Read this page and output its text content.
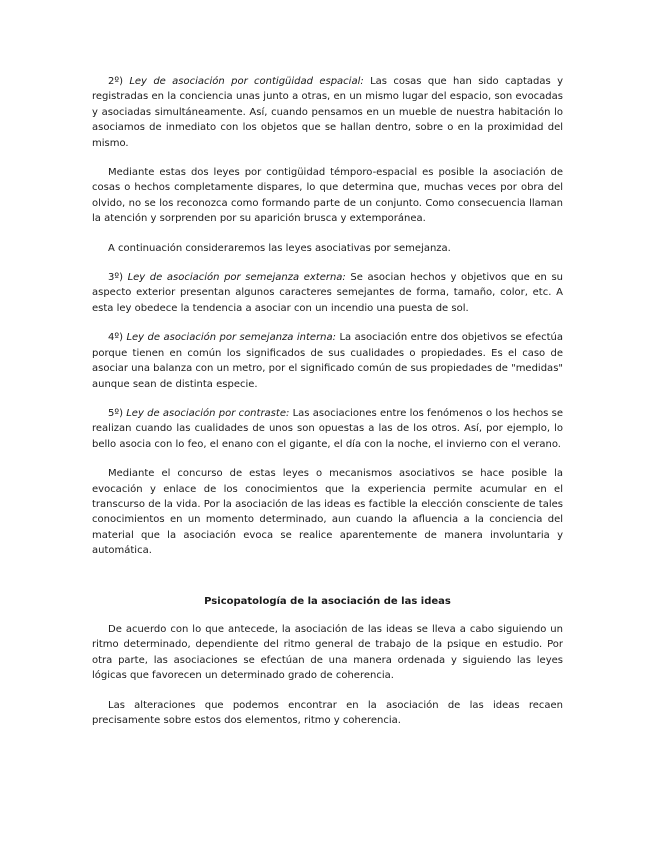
2º) Ley de asociación por contigüidad espacial: Las cosas que han sido captadas y registradas en la conciencia unas junto a otras, en un mismo lugar del espacio, son evocadas y asociadas simultáneamente. Así, cuando pensamos en un mueble de nuestra habitación lo asociamos de inmediato con los objetos que se hallan dentro, sobre o en la proximidad del mismo.

Mediante estas dos leyes por contigüidad témporo-espacial es posible la asociación de cosas o hechos completamente dispares, lo que determina que, muchas veces por obra del olvido, no se los reconozca como formando parte de un conjunto. Como consecuencia llaman la atención y sorprenden por su aparición brusca y extemporánea.

A continuación consideraremos las leyes asociativas por semejanza.

3º) Ley de asociación por semejanza externa: Se asocian hechos y objetivos que en su aspecto exterior presentan algunos caracteres semejantes de forma, tamaño, color, etc. A esta ley obedece la tendencia a asociar con un incendio una puesta de sol.

4º) Ley de asociación por semejanza interna: La asociación entre dos objetivos se efectúa porque tienen en común los significados de sus cualidades o propiedades. Es el caso de asociar una balanza con un metro, por el significado común de sus propiedades de "medidas" aunque sean de distinta especie.

5º) Ley de asociación por contraste: Las asociaciones entre los fenómenos o los hechos se realizan cuando las cualidades de unos son opuestas a las de los otros. Así, por ejemplo, lo bello asocia con lo feo, el enano con el gigante, el día con la noche, el invierno con el verano.

Mediante el concurso de estas leyes o mecanismos asociativos se hace posible la evocación y enlace de los conocimientos que la experiencia permite acumular en el transcurso de la vida. Por la asociación de las ideas es factible la elección consciente de tales conocimientos en un momento determinado, aun cuando la afluencia a la conciencia del material que la asociación evoca se realice aparentemente de manera involuntaria y automática.

Psicopatología de la asociación de las ideas

De acuerdo con lo que antecede, la asociación de las ideas se lleva a cabo siguiendo un ritmo determinado, dependiente del ritmo general de trabajo de la psique en estudio. Por otra parte, las asociaciones se efectúan de una manera ordenada y siguiendo las leyes lógicas que favorecen un determinado grado de coherencia.

Las alteraciones que podemos encontrar en la asociación de las ideas recaen precisamente sobre estos dos elementos, ritmo y coherencia.
